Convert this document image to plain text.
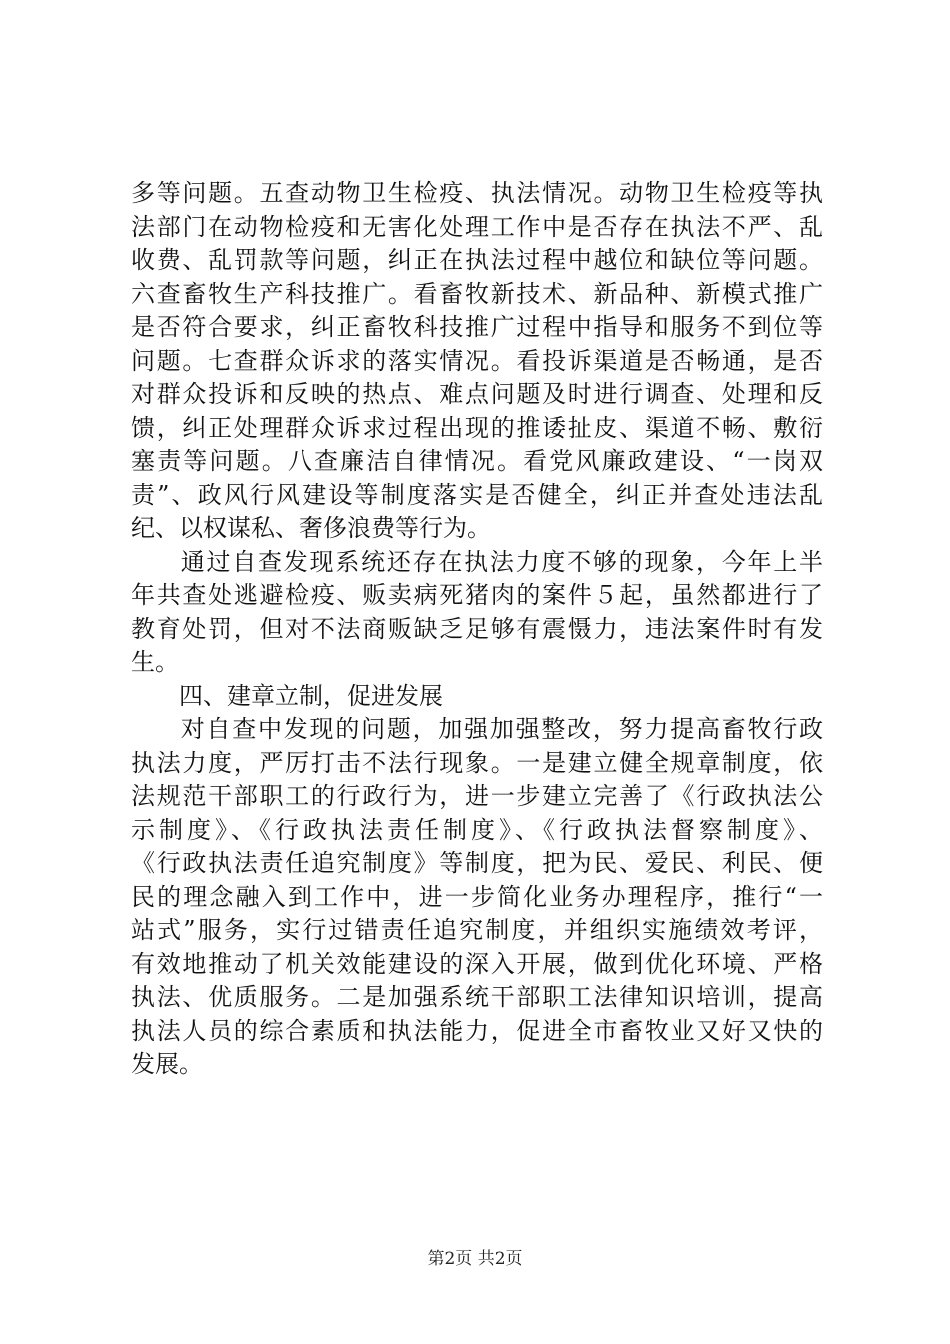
多等问题。五查动物卫生检疫、执法情况。动物卫生检疫等执
法部门在动物检疫和无害化处理工作中是否存在执法不严、乱
收费、乱罚款等问题，纠正在执法过程中越位和缺位等问题。
六查畜牧生产科技推广。看畜牧新技术、新品种、新模式推广
是否符合要求，纠正畜牧科技推广过程中指导和服务不到位等
问题。七查群众诉求的落实情况。看投诉渠道是否畅通，是否
对群众投诉和反映的热点、难点问题及时进行调查、处理和反
馈，纠正处理群众诉求过程出现的推诿扯皮、渠道不畅、敷衍
塞责等问题。八查廉洁自律情况。看党风廉政建设、“一岗双
责”、政风行风建设等制度落实是否健全，纠正并查处违法乱
纪、以权谋私、奢侈浪费等行为。
通过自查发现系统还存在执法力度不够的现象，今年上半
年共查处逃避检疫、贩卖病死猪肉的案件５起，虽然都进行了
教育处罚，但对不法商贩缺乏足够有震慑力，违法案件时有发
生。
四、建章立制，促进发展
对自查中发现的问题，加强加强整改，努力提高畜牧行政
执法力度，严厉打击不法行现象。一是建立健全规章制度，依
法规范干部职工的行政行为，进一步建立完善了《行政执法公
示制度》、《行政执法责任制度》、《行政执法督察制度》、
《行政执法责任追究制度》等制度，把为民、爱民、利民、便
民的理念融入到工作中，进一步简化业务办理程序，推行“一
站式”服务，实行过错责任追究制度，并组织实施绩效考评，
有效地推动了机关效能建设的深入开展，做到优化环境、严格
执法、优质服务。二是加强系统干部职工法律知识培训，提高
执法人员的综合素质和执法能力，促进全市畜牧业又好又快的
发展。
第2页 共2页
